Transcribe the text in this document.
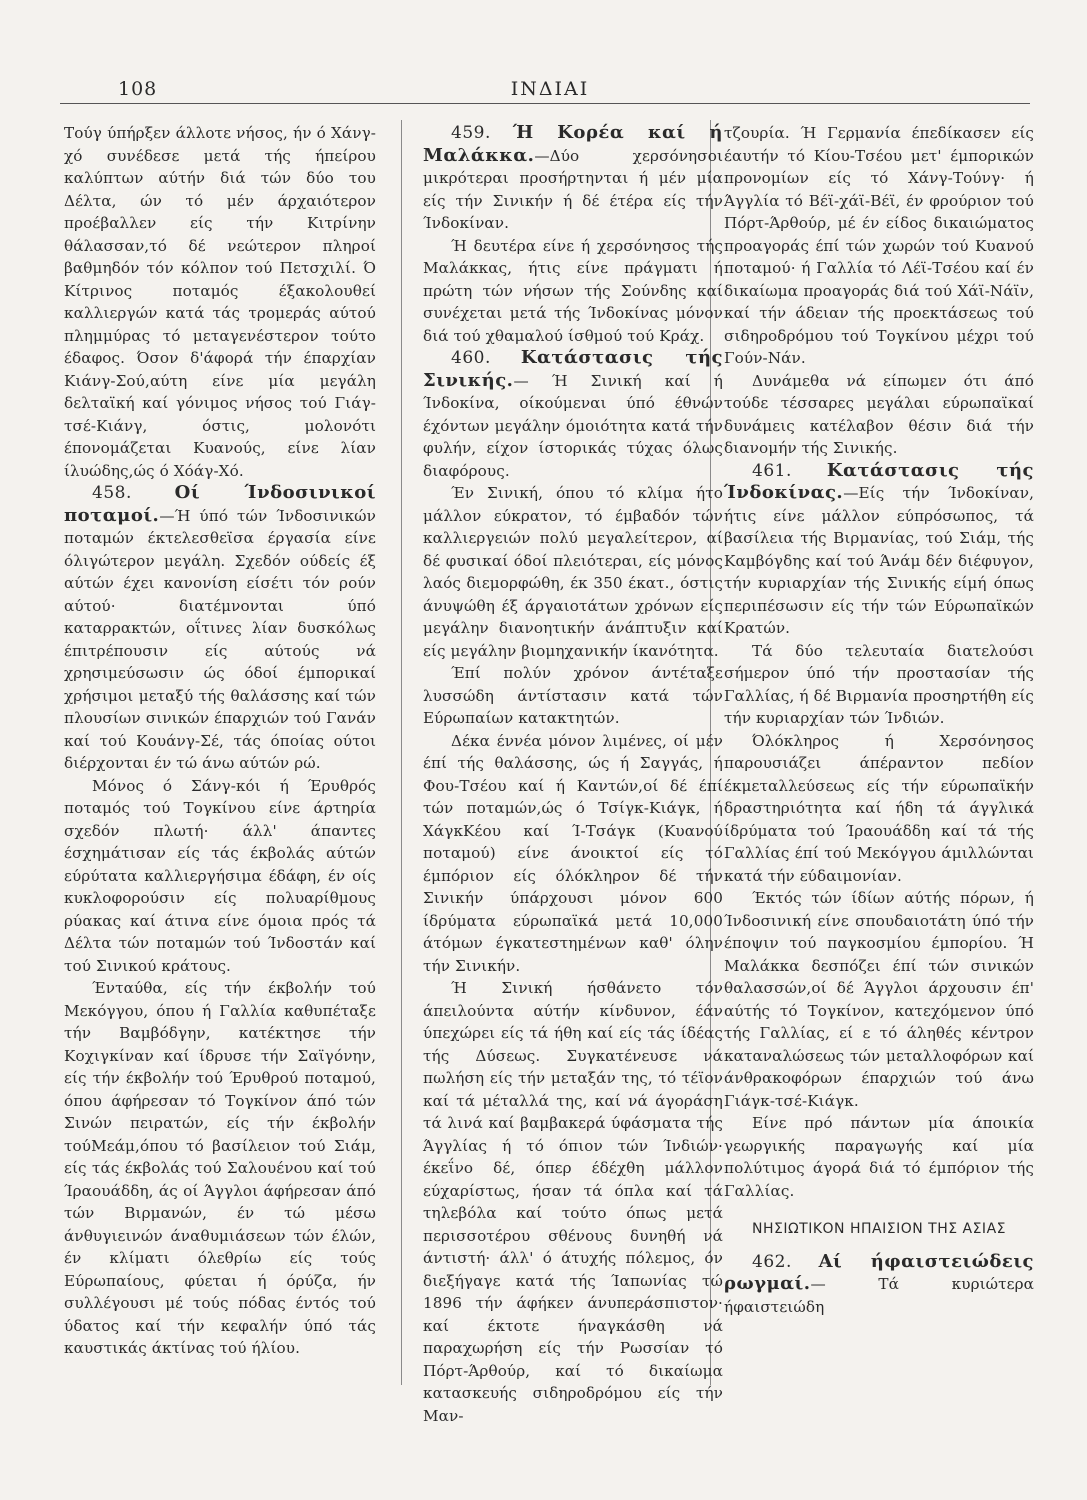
108	ΙΝΔΙΑΙ

Τούγ ύπήρξεν άλλοτε νήσος, ήν ό Χάνγ-χό συνέδεσε μετά τής ήπείρου καλύπτων αύτήν διά τών δύο του Δέλτα, ών τό μέν άρχαιότερον προέβαλλεν είς τήν Κιτρίνην θάλασσαν,τό δέ νεώτερον πληροί βαθμηδόν τόν κόλπον τού Πετσχιλί. Ό Κίτρινος ποταμός έξακολουθεί καλλιεργών κατά τάς τρομεράς αύτού πλημμύρας τό μεταγενέστερον τούτο έδαφος. Όσον δ'άφορά τήν έπαρχίαν Κιάνγ-Σού,αύτη είνε μία μεγάλη δελταϊκή καί γόνιμος νήσος τού Γιάγ-τσέ-Κιάνγ, όστις, μολονότι έπονομάζεται Κυανούς, είνε λίαν ίλυώδης,ώς ό Χόάγ-Χό.

458. Οί Ίνδοσινικοί ποταμοί.—Ή ύπό τών Ίνδοσινικών ποταμών έκτελεσθεϊσα έργασία είνε όλιγώτερον μεγάλη. Σχεδόν ούδείς έξ αύτών έχει κανονίση είσέτι τόν ρούν αύτού· διατέμνονται ύπό καταρρακτών, οΐτινες λίαν δυσκόλως έπιτρέπουσιν είς αύτούς νά χρησιμεύσωσιν ώς όδοί έμπορικαί χρήσιμοι μεταξύ τής θαλάσσης καί τών πλουσίων σινικών έπαρχιών τού Γανάν καί τού Κουάνγ-Σέ, τάς όποίας ούτοι διέρχονται έν τώ άνω αύτών ρώ.

Μόνος ό Σάνγ-κόι ή Έρυθρός ποταμός τού Τογκίνου είνε άρτηρία σχεδόν πλωτή· άλλ' άπαντες έσχημάτισαν είς τάς έκβολάς αύτών εύρύτατα καλλιεργήσιμα έδάφη, έν οίς κυκλοφορούσιν είς πολυαρίθμους ρύακας καί άτινα είνε όμοια πρός τά Δέλτα τών ποταμών τού Ίνδοστάν καί τού Σινικού κράτους.

Ένταύθα, είς τήν έκβολήν τού Μεκόγγου, όπου ή Γαλλία καθυπέταξε τήν Βαμβόδγην, κατέκτησε τήν Κοχιγκίναν καί ίδρυσε τήν Σαϊγόνην, είς τήν έκβολήν τού Έρυθρού ποταμού, όπου άφήρεσαν τό Τογκίνον άπό τών Σινών πειρατών, είς τήν έκβολήν τούΜεάμ,όπου τό βασίλειον τού Σιάμ, είς τάς έκβολάς τού Σαλουένου καί τού Ίραουάδδη, άς οί Άγγλοι άφήρεσαν άπό τών Βιρμανών, έν τώ μέσω άνθυγιεινών άναθυμιάσεων τών έλών, έν κλίματι όλεθρίω είς τούς Εύρωπαίους, φύεται ή όρύζα, ήν συλλέγουσι μέ τούς πόδας έντός τού ύδατος καί τήν κεφαλήν ύπό τάς καυστικάς άκτίνας τού ήλίου.

459. Ή Κορέα καί ή Μαλάκκα.—Δύο χερσόνησοι μικρότεραι προσήρτηνται ή μέν μία είς τήν Σινικήν ή δέ έτέρα είς τήν Ίνδοκίναν.

Ή δευτέρα είνε ή χερσόνησος τής Μαλάκκας, ήτις είνε πράγματι ή πρώτη τών νήσων τής Σούνδης καί συνέχεται μετά τής Ίνδοκίνας μόνον διά τού χθαμαλού ίσθμού τού Κράχ.

460. Κατάστασις τής Σινικής.— Ή Σινική καί ή Ίνδοκίνα, οίκούμεναι ύπό έθνών έχόντων μεγάλην όμοιότητα κατά τήν φυλήν, είχον ίστορικάς τύχας όλως διαφόρους.

Έν Σινική, όπου τό κλίμα ήτο μάλλον εύκρατον, τό έμβαδόν τών καλλιεργειών πολύ μεγαλείτερον, αί δέ φυσικαί όδοί πλειότεραι, είς μόνος λαός διεμορφώθη, έκ 350 έκατ., όστις άνυψώθη έξ άργαιοτάτων χρόνων είς μεγάλην διανοητικήν άνάπτυξιν καί είς μεγάλην βιομηχανικήν ίκανότητα.

Έπί πολύν χρόνον άντέταξε λυσσώδη άντίστασιν κατά τών Εύρωπαίων κατακτητών.

Δέκα έννέα μόνον λιμένες, οί μέν έπί τής θαλάσσης, ώς ή Σαγγάς, ή Φου-Τσέου καί ή Καντών,οί δέ έπί τών ποταμών,ώς ό Τσίγκ-Κιάγκ, ή ΧάγκΚέου καί Ί-Τσάγκ (Κυανού ποταμού) είνε άνοικτοί είς τό έμπόριον είς όλόκληρον δέ τήν Σινικήν ύπάρχουσι μόνον 600 ίδρύματα εύρωπαϊκά μετά 10,000 άτόμων έγκατεστημένων καθ' όλην τήν Σινικήν.

Ή Σινική ήσθάνετο τόν άπειλούντα αύτήν κίνδυνον, έάν ύπεχώρει είς τά ήθη καί είς τάς ίδέας τής Δύσεως. Συγκατένευσε νά πωλήση είς τήν μεταξάν της, τό τέϊον καί τά μέταλλά της, καί νά άγοράση τά λινά καί βαμβακερά ύφάσματα τής Άγγλίας ή τό όπιον τών Ίνδιών· έκεΐνο δέ, όπερ έδέχθη μάλλον εύχαρίστως, ήσαν τά όπλα καί τά τηλεβόλα καί τούτο όπως μετά περισσοτέρου σθένους δυνηθή νά άντιστή· άλλ' ό άτυχής πόλεμος, όν διεξήγαγε κατά τής Ίαπωνίας τώ 1896 τήν άφήκεν άνυπεράσπιστον· καί έκτοτε ήναγκάσθη νά παραχωρήση είς τήν Ρωσσίαν τό Πόρτ-Άρθούρ, καί τό δικαίωμα κατασκευής σιδηροδρόμου είς τήν Μαν-

τζουρία. Ή Γερμανία έπεδίκασεν είς έαυτήν τό Κίου-Τσέου μετ' έμπορικών προνομίων είς τό Χάνγ-Τούνγ· ή Άγγλία τό Βέϊ-χάϊ-Βέϊ, έν φρούριον τού Πόρτ-Άρθούρ, μέ έν είδος δικαιώματος προαγοράς έπί τών χωρών τού Κυανού ποταμού· ή Γαλλία τό Λέϊ-Τσέου καί έν δικαίωμα προαγοράς διά τού Χάϊ-Νάϊν, καί τήν άδειαν τής προεκτάσεως τού σιδηροδρόμου τού Τογκίνου μέχρι τού Γούν-Νάν.

Δυνάμεθα νά είπωμεν ότι άπό τούδε τέσσαρες μεγάλαι εύρωπαϊκαί δυνάμεις κατέλαβον θέσιν διά τήν διανομήν τής Σινικής.

461. Κατάστασις τής Ίνδοκίνας.—Είς τήν Ίνδοκίναν, ήτις είνε μάλλον εύπρόσωπος, τά βασίλεια τής Βιρμανίας, τού Σιάμ, τής Καμβόγδης καί τού Άνάμ δέν διέφυγον, τήν κυριαρχίαν τής Σινικής είμή όπως περιπέσωσιν είς τήν τών Εύρωπαϊκών Κρατών.

Τά δύο τελευταία διατελούσι σήμερον ύπό τήν προστασίαν τής Γαλλίας, ή δέ Βιρμανία προσηρτήθη είς τήν κυριαρχίαν τών Ίνδιών.

Όλόκληρος ή Χερσόνησος παρουσιάζει άπέραντον πεδίον έκμεταλλεύσεως είς τήν εύρωπαϊκήν δραστηριότητα καί ήδη τά άγγλικά ίδρύματα τού Ίραουάδδη καί τά τής Γαλλίας έπί τού Μεκόγγου άμιλλώνται κατά τήν εύδαιμονίαν.

Έκτός τών ίδίων αύτής πόρων, ή Ίνδοσινική είνε σπουδαιοτάτη ύπό τήν έποψιν τού παγκοσμίου έμπορίου. Ή Μαλάκκα δεσπόζει έπί τών σινικών θαλασσών,οί δέ Άγγλοι άρχουσιν έπ' αύτής τό Τογκίνον, κατεχόμενον ύπό τής Γαλλίας, εί ε τό άληθές κέντρον καταναλώσεως τών μεταλλοφόρων καί άνθρακοφόρων έπαρχιών τού άνω Γιάγκ-τσέ-Κιάγκ.

Είνε πρό πάντων μία άποικία γεωργικής παραγωγής καί μία πολύτιμος άγορά διά τό έμπόριον τής Γαλλίας.

ΝΗΣΙΩΤΙΚΟΝ ΗΠΑΙΣΙΟΝ ΤΗΣ ΑΣΙΑΣ

462. Αί ήφαιστειώδεις ρωγμαί.— Τά κυριώτερα ήφαιστειώδη
